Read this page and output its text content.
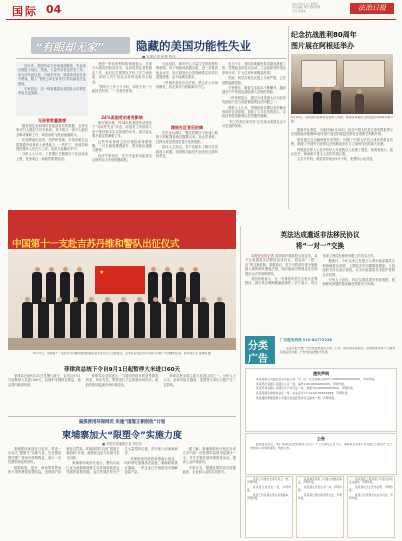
国际 04	2023年9月1日 星期五
责任编辑 刘利 美编 耿慧
校对 张海波	法治日报
“有眼却无家”	隐藏的美国功能性失业
■ 本报记者 张蕾 张伟

近年来，美国劳动力市场表面繁荣，失业率长期处于低位。然而，大量劳动者虽然有工作，却无法负担住房，只能在车里、收容所或亲友家中栖身，陷入“有班上却无家可归”的功能性失业困境。

专家指出，这一现象暴露出美国社会结构性矛盾日益加深。

无房者数量激增

据美国住房和城市发展部发布的数据，全美无家可归人数创下历史新高。其中相当一部分人拥有全职或兼职工作，却因房租飞涨而流落街头。

在加利福尼亚州、纽约州等地，平均房租已远超普通劳动者收入承受能力。一些护工、快递员和餐饮服务人员白天工作，夜里只能睡在车中。

分析人士认为，工资增长长期滞后于住房成本上涨，是造成这一局面的重要原因。

美国一家非营利机构调查显示，在部分大城市的收容所中，近四成居住者有固定工作。他们往往需要在多份工作之间奔波，但收入仍不足以支付押金和首月租金。

“我每天工作十个小时，却找不到一个能回去的家。”一名受访者说。

24%美国劳动者受影响

研究报告称，约24%的美国劳动者处于“功能性失业”状态，即虽有工作但收入低于维持基本生活所需的水平，或只能从事不稳定的兼职工作。

这些劳动者缺乏医疗保险和带薪休假，一旦生病或遭遇意外，很可能迅速陷入困境。

经济学家指出，官方失业率未能真实反映劳动力市场的脆弱性。

与此同时，城市中心大量住宅被投资机构收购，用于短租或高端出租，进一步推高租金水平。地方政府出台的保障性住房项目进展缓慢，远不能满足需求。

一些城市甚至出台法规，禁止在公共场所睡觉，将无家可归者驱离市中心。

精致社区背后的痛

在旧金山湾区，整洁的街区与高速公路桥下的帐篷营地仅隔数百米。社会学者称，这种反差是美国贫富分化的缩影。

批评人士指出，若不从根本上解决住房和收入问题，美国的功能性失业危机还将持续恶化。

近几个月，美国多地爆发要求提高最低工资、控制租金的抗议活动。工会组织呼吁国会采取行动，扩大住房补贴覆盖范围。

然而，两党在相关议题上分歧严重，立法进程屡屡受阻。

专家警告，随着生活成本不断攀升，越来越多中产家庭也面临滑入贫困的风险。

一份民调显示，超过六成美国人认为住房负担能力是当前最紧迫的经济问题之一。

观察人士认为，美国政府长期以来依赖市场调节住房供给，忽视了公共住房的投入，导致结构性短缺难以在短期内缓解。

“有工作却无家可归”正在成为美国社会不可忽视的现象。

纪念抗战胜利80周年
图片展在阿根廷举办
8月28日，在阿根廷首都布宜诺斯艾利斯，参观者观看纪念抗战胜利80周年图片展。

据新华社消息，当地时间8月28日，纪念中国人民抗日战争暨世界反法西斯战争胜利80周年图片展在阿根廷首都布宜诺斯艾利斯开幕。

展览通过百余幅珍贵历史图片，回顾了中国人民抗日战争的艰苦历程，展现了中国作为世界反法西斯战争东方主战场作出的重大贡献。

阿根廷各界人士及华侨华人代表数百人参观了展览。参观者表示，铭记历史、珍爱和平是全人类的共同心愿。

主办方介绍，展览将持续至9月中旬，免费向公众开放。

中国第十一支赴吉苏丹维和警队出征仪式
★
8月31日，中国第十一支赴吉苏丹维和警察防暴队在出征仪式上合影留念。这支队伍将赴吉苏丹执行为期一年的维和任务。新华社记者 张晓辉 摄
英法达成遣返非法移民协议
将“一对一”交换

本报驻伦敦记者 英国和法国政府日前宣布，双方已就遣返非法移民达成协议，将启动“一进一出”的交换机制。根据协议，英方可将部分乘小船偷渡入境的移民遣返法国，同时接收同等数量在法国提出合法申请的移民。

英国首相表示，这一安排将有效打击蛇头犯罪团伙，减少英吉利海峡偷渡事件。法方表示，协议体现了两国在移民问题上的务实合作。

据统计，今年以来已有数万人乘小船穿越英吉利海峡抵达英国，人数较去年同期明显增加。人权组织对协议表示担忧，认为可能损害寻求庇护者的合法权利。

分析人士指出，协议实施效果仍有待观察，欧洲移民问题的根本解决需要多方协调。

分类
广告
广告服务热线 010-84772226

法治日报分类广告刊登各类遗失声明、公告、债权债务等信息。请登报单位或个人携带有效证件办理，广告内容由登报方负责。

遗失声明

某某有限公司遗失营业执照正本一份，统一社会信用代码91110000XXXXXXXXXX，声明作废。

某某科技有限公司遗失公章一枚，编号1101080XXXXXXX，声明作废。

某某贸易有限公司遗失开户许可证一份，核准号J1000XXXXXXXX，声明作废。

张某某遗失律师执业证一本，执业证号111012018XXXXXXX，声明作废。

某某餐饮管理有限公司遗失食品经营许可证副本一份，声明作废。

公告

经股东会决议，本公司拟将注册资本由人民币一千万元减至五百万元。请债权人自本公告见报之日起四十五日内向本公司申报债权。特此公告。

某某公司遗失发票专用章一枚，声明作废。

某某遗失身份证一张，声明作废。

某某工作室遗失营业执照副本，声明作废。

某某物流有限公司遗失道路运输证，声明作废。

某某遗失学位证书一本，声明作废。

某某商行遗失税务登记证，声明作废。

某某建筑工程有限公司遗失资质证书副本，声明作废。

某某遗失出生医学证明，声明作废。

某某门诊部遗失执业许可证，声明作废。

菲律宾总统下令自9月1日起暂停大米进口60天

菲律宾总统8月31日签署行政令，宣布自9月1日起暂停大米进口60天，以保护本国稻农利益、稳定国内粮食价格。

菲律宾农业部表示，当前国内稻米收获季即将到来，库存充足，暂停进口不会影响市场供应。政府将密切监测市场价格变化。

菲律宾是全球主要大米进口国之一。分析人士认为，此举可能对越南、泰国等大米出口国产生一定影响。

鼠疫使用环保网页 实施“国道王朝创收”计划
柬埔寨加大“限塑令”实施力度
■ 本报驻柬埔寨记者 李宏伟

柬埔寨环境部近日宣布，将进一步加大“限塑令”实施力度，在全国范围内推广使用环保购物袋，减少一次性塑料制品的使用。

根据新规，超市、商场等零售场所不得免费提供塑料袋，违规商户将被处以罚款。环境部同时启动“国道王朝创收”计划，鼓励民众参与垃圾分类与回收。

柬埔寨环境部长表示，塑料污染已成为威胁柬埔寨生态环境和旅游业发展的重要问题。金边等城市每天产生大量塑料垃圾，部分流入河流和海洋。

环保组织对政府举措表示欢迎，同时呼吁加强执法监督，确保政策真正落地。一些企业已开始推出可降解包装产品。

据了解，柬埔寨政府计划在未来几年内将一次性塑料袋使用量减少一半，并在学校开展环保教育活动，提高公众环保意识。

专家认为，限塑政策的成功需要政府、企业和公众的共同努力。
